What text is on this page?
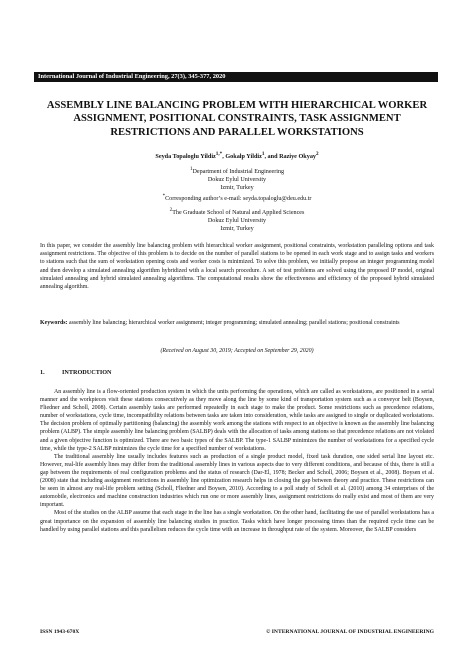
International Journal of Industrial Engineering, 27(3), 345-377, 2020
ASSEMBLY LINE BALANCING PROBLEM WITH HIERARCHICAL WORKER ASSIGNMENT, POSITIONAL CONSTRAINTS, TASK ASSIGNMENT RESTRICTIONS AND PARALLEL WORKSTATIONS
Seyda Topaloglu Yildiz$^{1,*}$, Gokalp Yildiz$^1$, and Raziye Okyay$^2$
$^1$Department of Industrial Engineering
Dokuz Eylul University
Izmir, Turkey
*Corresponding author’s e-mail: seyda.topaloglu@deu.edu.tr
$^2$The Graduate School of Natural and Applied Sciences
Dokuz Eylul University
Izmir, Turkey
In this paper, we consider the assembly line balancing problem with hierarchical worker assignment, positional constraints, workstation paralleling options and task assignment restrictions. The objective of this problem is to decide on the number of parallel stations to be opened in each work stage and to assign tasks and workers to stations such that the sum of workstation opening costs and worker costs is minimized. To solve this problem, we initially propose an integer programming model and then develop a simulated annealing algorithm hybridized with a local search procedure. A set of test problems are solved using the proposed IP model, original simulated annealing and hybrid simulated annealing algorithms. The computational results show the effectiveness and efficiency of the proposed hybrid simulated annealing algorithm.
Keywords: assembly line balancing; hierarchical worker assignment; integer programming; simulated annealing; parallel stations; positional constraints
(Received on August 30, 2019; Accepted on September 29, 2020)
1.	INTRODUCTION

An assembly line is a flow-oriented production system in which the units performing the operations, which are called as workstations, are positioned in a serial manner and the workpieces visit these stations consecutively as they move along the line by some kind of transportation system such as a conveyor belt (Boysen, Fliedner and Scholl, 2008). Certain assembly tasks are performed repeatedly in each stage to make the product. Some restrictions such as precedence relations, number of workstations, cycle time, incompatibility relations between tasks are taken into consideration, while tasks are assigned to single or duplicated workstations. The decision problem of optimally partitioning (balancing) the assembly work among the stations with respect to an objective is known as the assembly line balancing problem (ALBP). The simple assembly line balancing problem (SALBP) deals with the allocation of tasks among stations so that precedence relations are not violated and a given objective function is optimized. There are two basic types of the SALBP. The type-1 SALBP minimizes the number of workstations for a specified cycle time, while the type-2 SALBP minimizes the cycle time for a specified number of workstations.

The traditional assembly line usually includes features such as production of a single product model, fixed task duration, one sided serial line layout etc. However, real-life assembly lines may differ from the traditional assembly lines in various aspects due to very different conditions, and because of this, there is still a gap between the requirements of real configuration problems and the status of research (Dar-El, 1978; Becker and Scholl, 2006; Boysen et al., 2008). Boysen et al. (2008) state that including assignment restrictions in assembly line optimization research helps in closing the gap between theory and practice. These restrictions can be seen in almost any real-life problem setting (Scholl, Fliedner and Boysen, 2010). According to a poll study of Scholl et al. (2010) among 34 enterprises of the automobile, electronics and machine construction industries which run one or more assembly lines, assignment restrictions do really exist and most of them are very important.

Most of the studies on the ALBP assume that each stage in the line has a single workstation. On the other hand, facilitating the use of parallel workstations has a great importance on the expansion of assembly line balancing studies in practice. Tasks which have longer processing times than the required cycle time can be handled by using parallel stations and this parallelism reduces the cycle time with an increase in throughput rate of the system. Moreover, the SALBP considers

ISSN 1943-670X	© INTERNATIONAL JOURNAL OF INDUSTRIAL ENGINEERING
